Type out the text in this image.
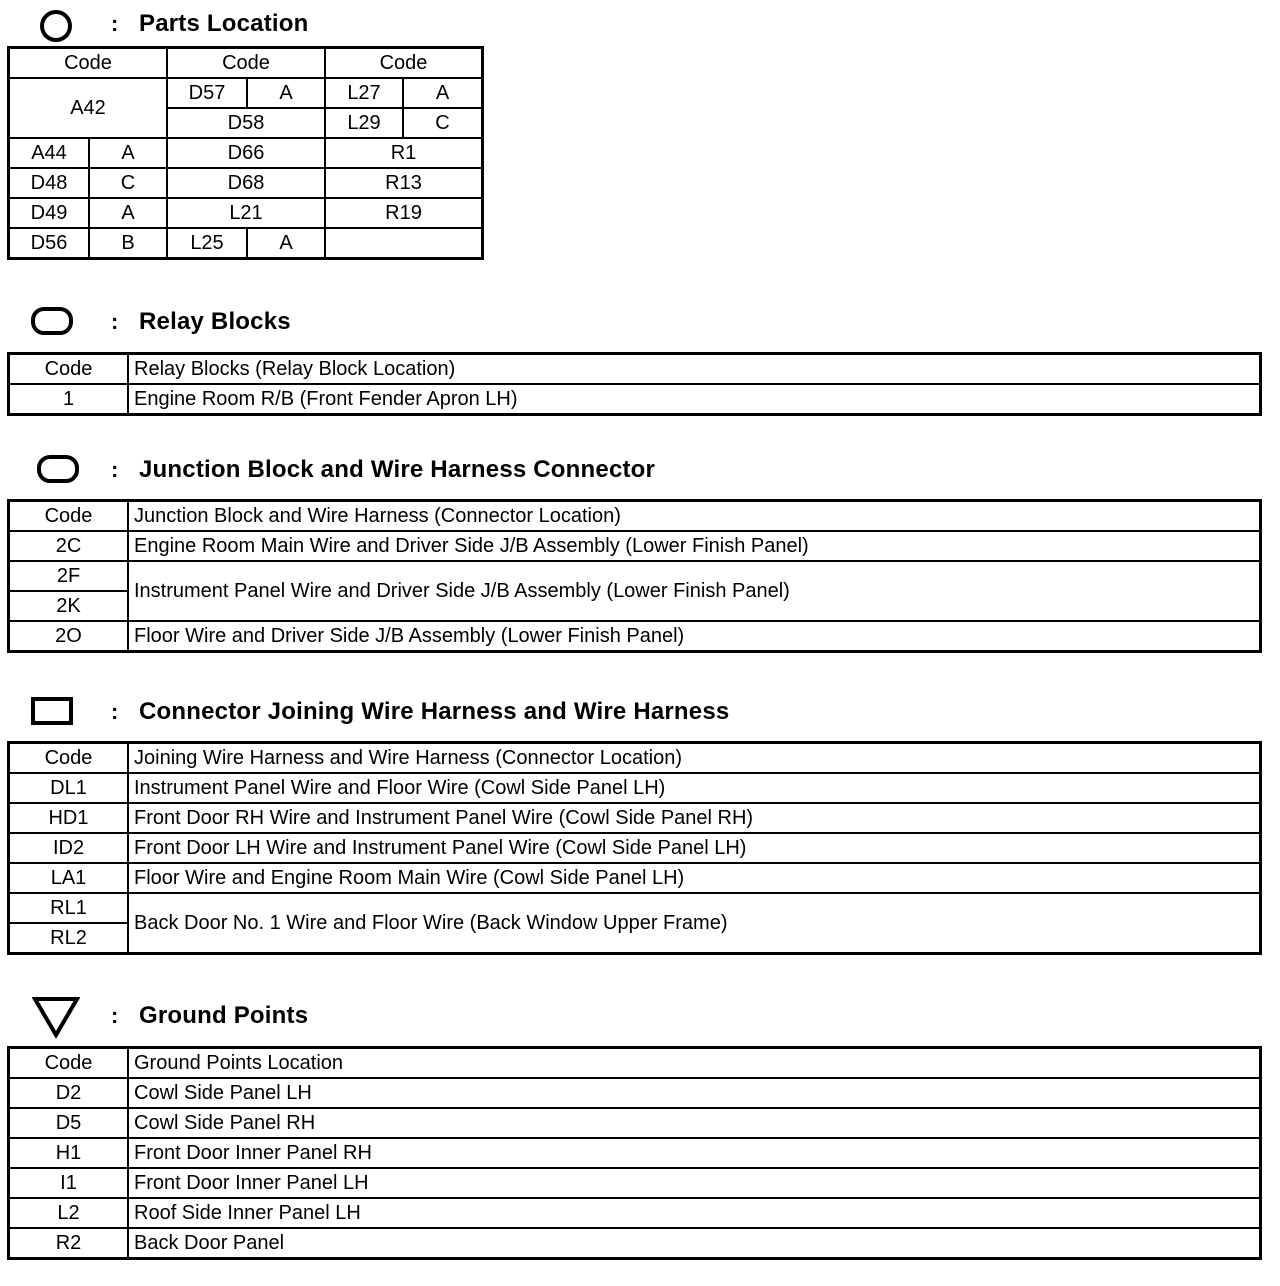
: Parts Location
Code		Code		Code	
A42		D57	A	L27	A
		D58		L29	C
A44	A	D66		R1	
D48	C	D68		R13	
D49	A	L21		R19	
D56	B	L25	A		
: Relay Blocks
Code	Relay Blocks (Relay Block Location)
1	Engine Room R/B (Front Fender Apron LH)
: Junction Block and Wire Harness Connector
Code	Junction Block and Wire Harness (Connector Location)
2C	Engine Room Main Wire and Driver Side J/B Assembly (Lower Finish Panel)
2F	Instrument Panel Wire and Driver Side J/B Assembly (Lower Finish Panel)
2K	
2O	Floor Wire and Driver Side J/B Assembly (Lower Finish Panel)
: Connector Joining Wire Harness and Wire Harness
Code	Joining Wire Harness and Wire Harness (Connector Location)
DL1	Instrument Panel Wire and Floor Wire (Cowl Side Panel LH)
HD1	Front Door RH Wire and Instrument Panel Wire (Cowl Side Panel RH)
ID2	Front Door LH Wire and Instrument Panel Wire (Cowl Side Panel LH)
LA1	Floor Wire and Engine Room Main Wire (Cowl Side Panel LH)
RL1	Back Door No. 1 Wire and Floor Wire (Back Window Upper Frame)
RL2	
: Ground Points
Code	Ground Points Location
D2	Cowl Side Panel LH
D5	Cowl Side Panel RH
H1	Front Door Inner Panel RH
I1	Front Door Inner Panel LH
L2	Roof Side Inner Panel LH
R2	Back Door Panel
